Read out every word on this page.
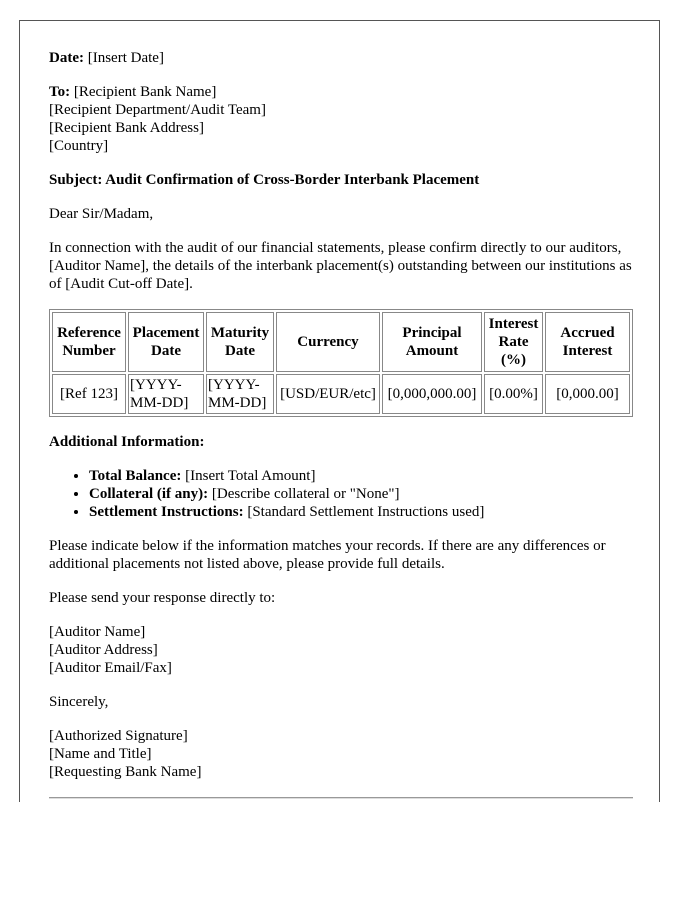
Date: [Insert Date]

To: [Recipient Bank Name]
[Recipient Department/Audit Team]
[Recipient Bank Address]
[Country]

Subject: Audit Confirmation of Cross-Border Interbank Placement

Dear Sir/Madam,

In connection with the audit of our financial statements, please confirm directly to our auditors, [Auditor Name], the details of the interbank placement(s) outstanding between our institutions as of [Audit Cut-off Date].

Reference Number	Placement Date	Maturity Date	Currency	Principal Amount	Interest Rate (%)	Accrued Interest
[Ref 123]	[YYYY-MM-DD]	[YYYY-MM-DD]	[USD/EUR/etc]	[0,000,000.00]	[0.00%]	[0,000.00]

Additional Information:

• Total Balance: [Insert Total Amount]
• Collateral (if any): [Describe collateral or "None"]
• Settlement Instructions: [Standard Settlement Instructions used]

Please indicate below if the information matches your records. If there are any differences or additional placements not listed above, please provide full details.

Please send your response directly to:

[Auditor Name]
[Auditor Address]
[Auditor Email/Fax]

Sincerely,

[Authorized Signature]
[Name and Title]
[Requesting Bank Name]
